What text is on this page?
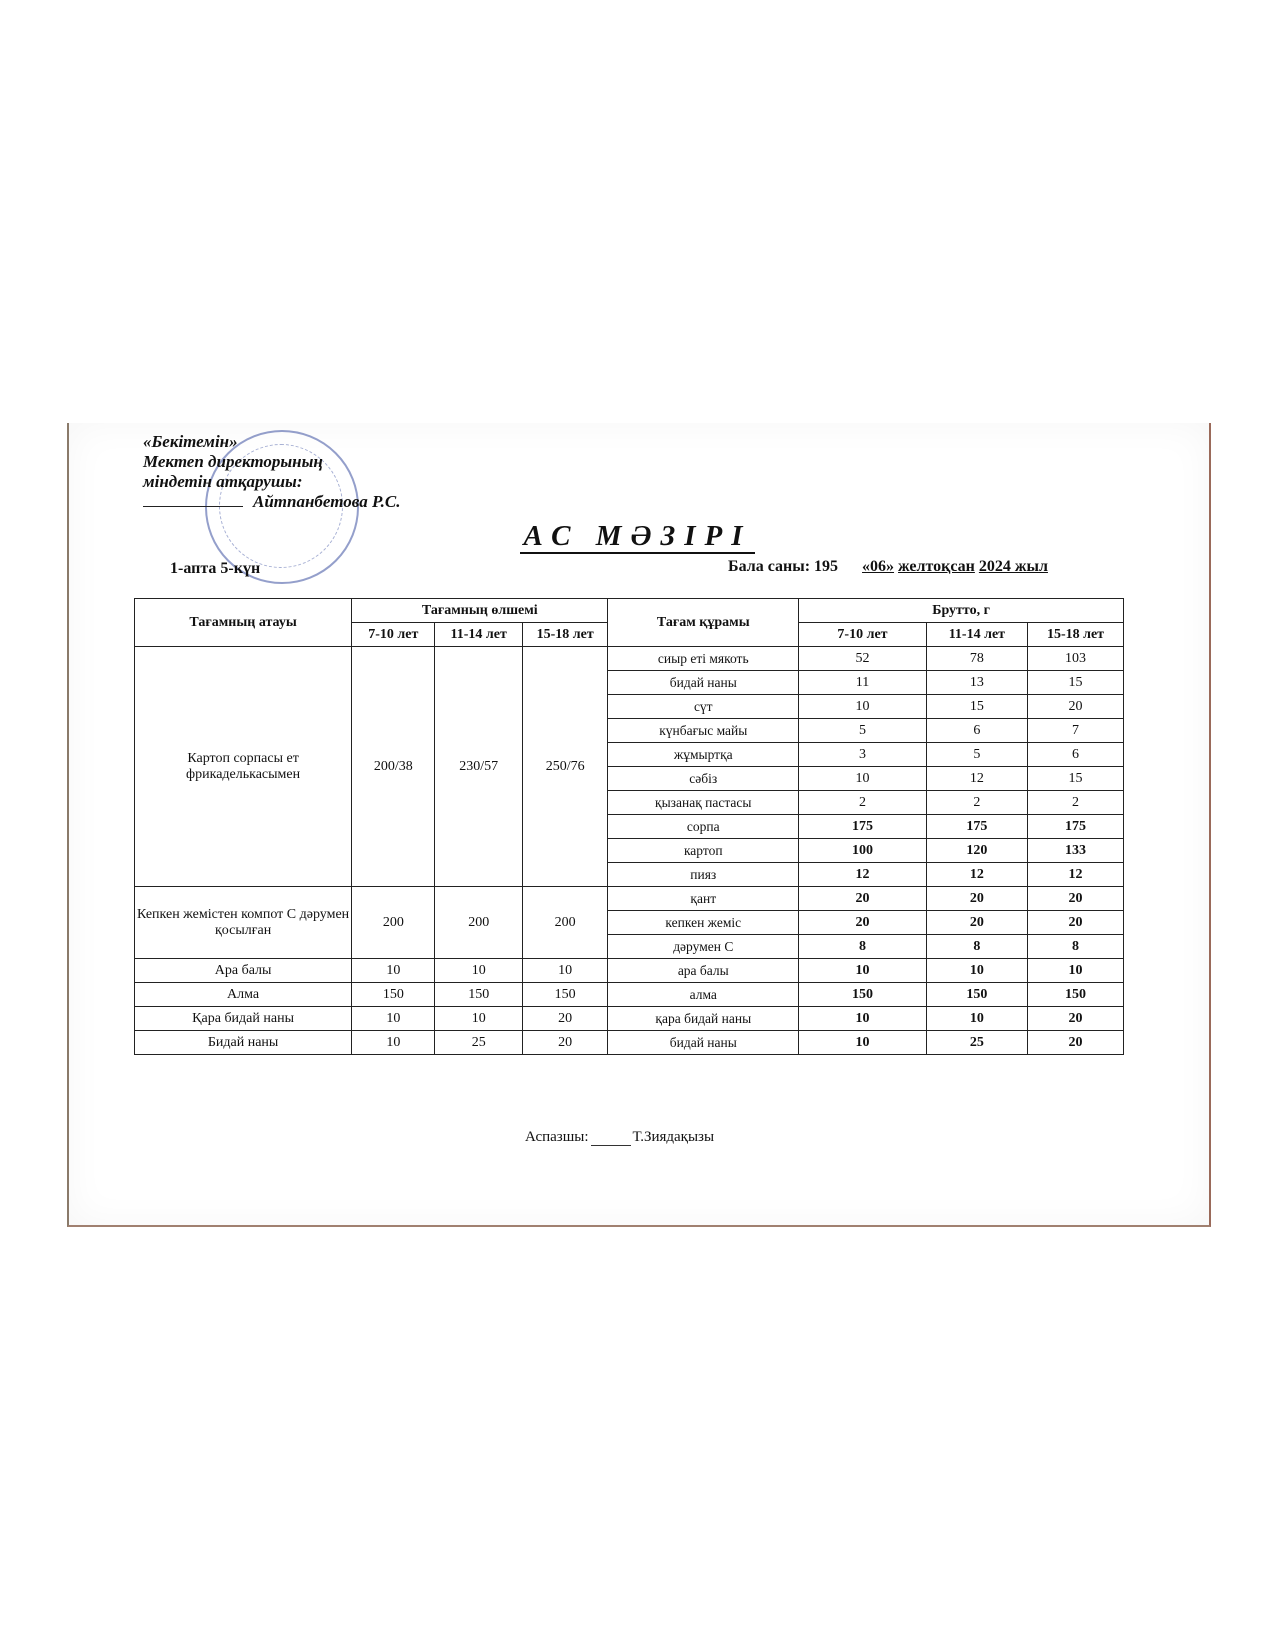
«Бекітемін»
Мектеп директорының
міндетін атқарушы:
Айтпанбетова Р.С.
АС МӘЗІРІ
1-апта 5-күн	Бала саны: 195 «06» желтоқсан 2024 жыл
Тағамның атауы	Тағамның өлшемі			Тағам құрамы	Брутто, г		
	7-10 лет	11-14 лет	15-18 лет		7-10 лет	11-14 лет	15-18 лет
Картоп сорпасы ет фрикаделькасымен	200/38	230/57	250/76	сиыр еті мякоть	52	78	103
				бидай наны	11	13	15
				сүт	10	15	20
				күнбағыс майы	5	6	7
				жұмыртқа	3	5	6
				сәбіз	10	12	15
				қызанақ пастасы	2	2	2
				сорпа	175	175	175
				картоп	100	120	133
				пияз	12	12	12
Кепкен жемістен компот С дәрумен қосылған	200	200	200	қант	20	20	20
				кепкен жеміс	20	20	20
				дәрумен С	8	8	8
Ара балы	10	10	10	ара балы	10	10	10
Алма	150	150	150	алма	150	150	150
Қара бидай наны	10	10	20	қара бидай наны	10	10	20
Бидай наны	10	25	20	бидай наны	10	25	20
Аспазшы:	Т.Зиядақызы
